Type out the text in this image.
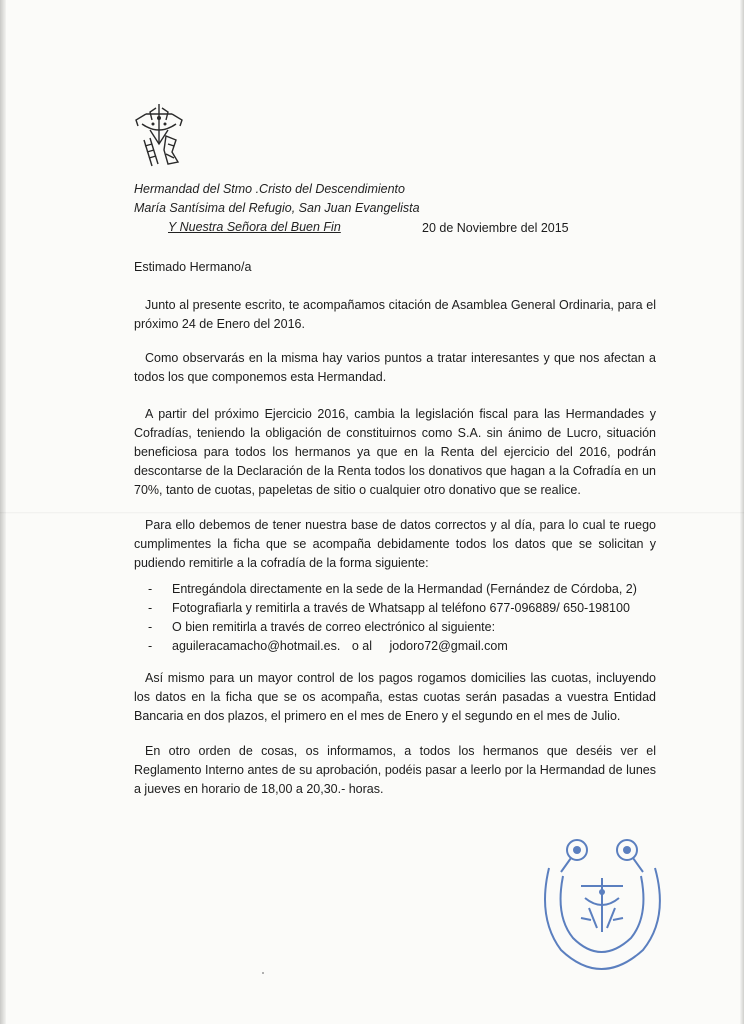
Hermandad del Stmo .Cristo del Descendimiento
María Santísima del Refugio, San Juan Evangelista
Y Nuestra Señora del Buen Fin	20 de Noviembre del 2015
Estimado Hermano/a
Junto al presente escrito, te acompañamos citación de Asamblea General Ordinaria, para el próximo 24 de Enero del 2016.
Como observarás en la misma hay varios puntos a tratar interesantes y que nos afectan a todos los que componemos esta Hermandad.
A partir del próximo Ejercicio 2016, cambia la legislación fiscal para las Hermandades y Cofradías, teniendo la obligación de constituirnos como S.A. sin ánimo de Lucro, situación beneficiosa para todos los hermanos ya que en la Renta del ejercicio del 2016, podrán descontarse de la Declaración de la Renta todos los donativos que hagan a la Cofradía en un 70%, tanto de cuotas, papeletas de sitio o cualquier otro donativo que se realice.
Para ello debemos de tener nuestra base de datos correctos y al día, para lo cual te ruego cumplimentes la ficha que se acompaña debidamente todos los datos que se solicitan y pudiendo remitirle a la cofradía de la forma siguiente:
- Entregándola directamente en la sede de la Hermandad (Fernández de Córdoba, 2)
- Fotografiarla y remitirla a través de Whatsapp al teléfono 677-096889/ 650-198100
- O bien remitirla a través de correo electrónico al siguiente:
- aguileracamacho@hotmail.es. o al jodoro72@gmail.com
Así mismo para un mayor control de los pagos rogamos domicilies las cuotas, incluyendo los datos en la ficha que se os acompaña, estas cuotas serán pasadas a vuestra Entidad Bancaria en dos plazos, el primero en el mes de Enero y el segundo en el mes de Julio.
En otro orden de cosas, os informamos, a todos los hermanos que deséis ver el Reglamento Interno antes de su aprobación, podéis pasar a leerlo por la Hermandad de lunes a jueves en horario de 18,00 a 20,30.- horas.
